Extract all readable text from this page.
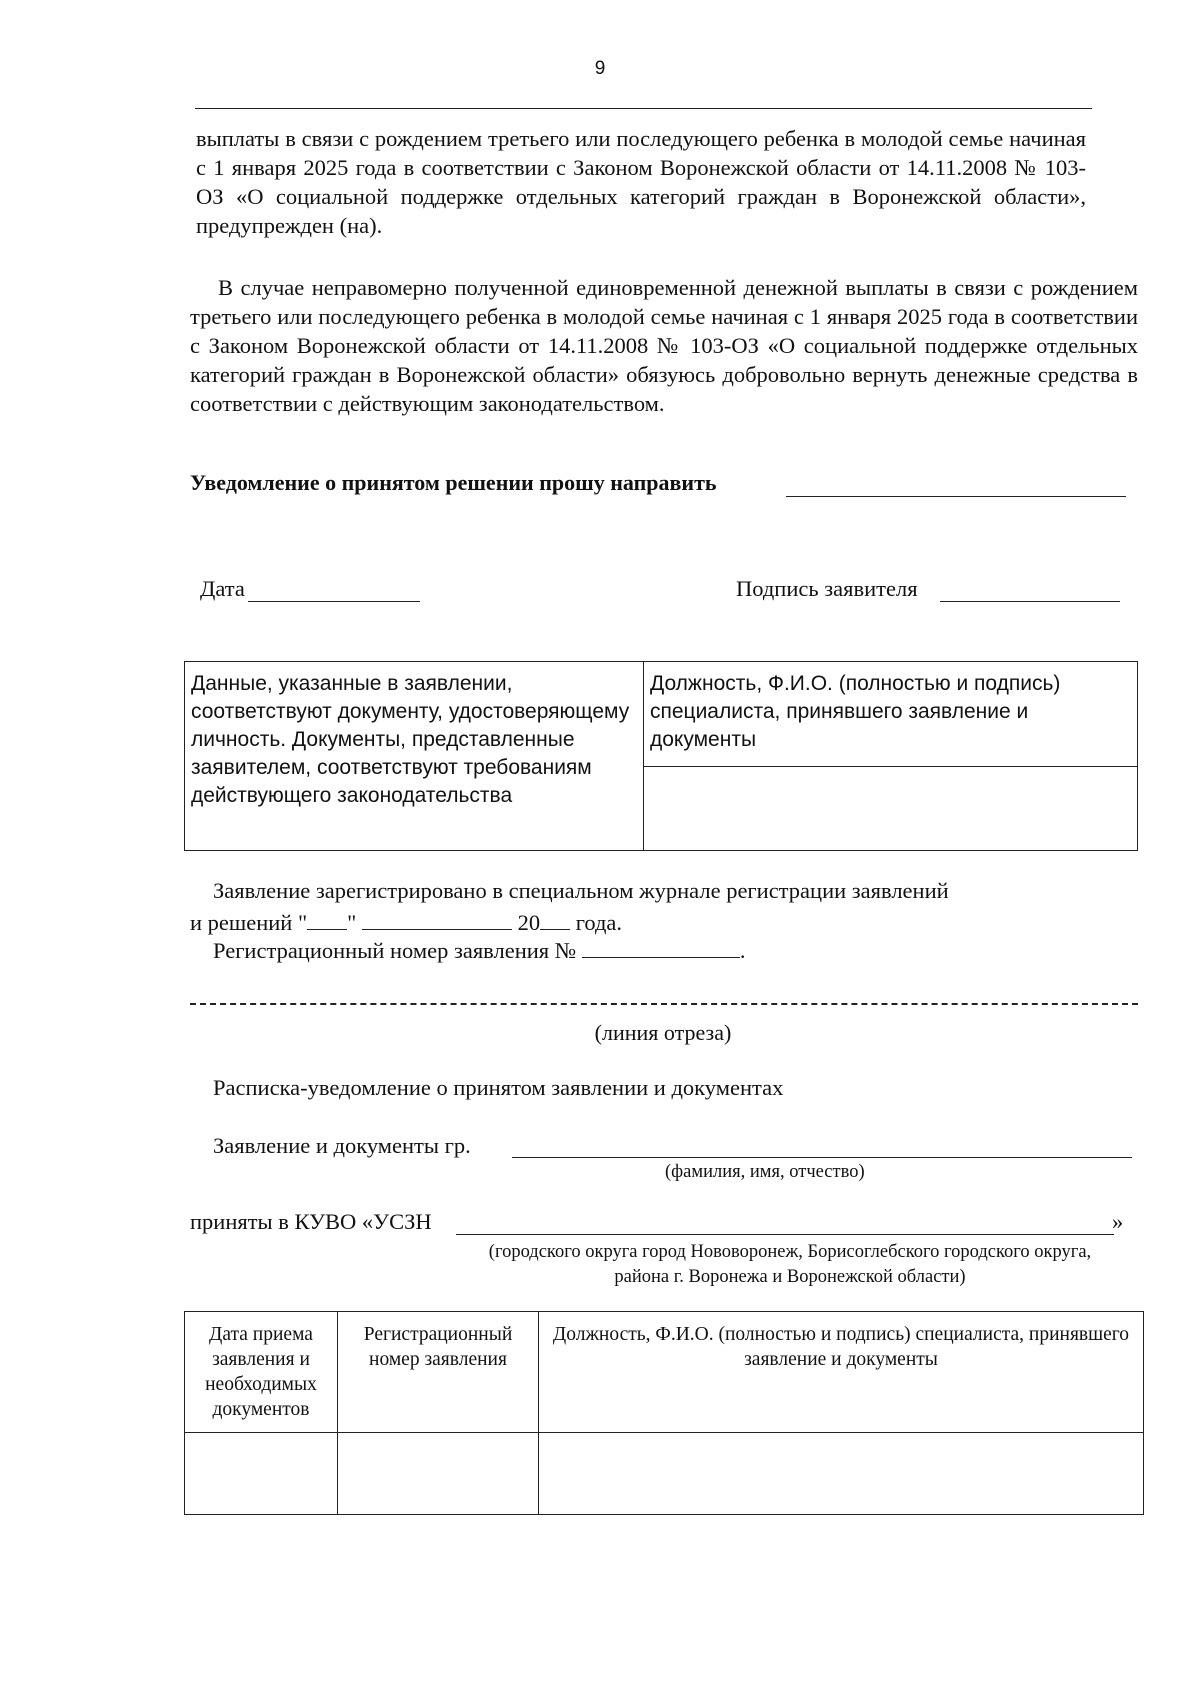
9
выплаты в связи с рождением третьего или последующего ребенка в молодой семье начиная с 1 января 2025 года в соответствии с Законом Воронежской области от 14.11.2008 № 103-ОЗ «О социальной поддержке отдельных категорий граждан в Воронежской области», предупрежден (на).
В случае неправомерно полученной единовременной денежной выплаты в связи с рождением третьего или последующего ребенка в молодой семье начиная с 1 января 2025 года в соответствии с Законом Воронежской области от 14.11.2008 № 103-ОЗ «О социальной поддержке отдельных категорий граждан в Воронежской области» обязуюсь добровольно вернуть денежные средства в соответствии с действующим законодательством.
Уведомление о принятом решении прошу направить
Дата	Подпись заявителя
Данные, указанные в заявлении, соответствуют документу, удостоверяющему личность. Документы, представленные заявителем, соответствуют требованиям действующего законодательства	Должность, Ф.И.О. (полностью и подпись) специалиста, принявшего заявление и документы

Заявление зарегистрировано в специальном журнале регистрации заявлений
и решений " "	20 года.
Регистрационный номер заявления №	.
(линия отреза)
Расписка-уведомление о принятом заявлении и документах
Заявление и документы гр.
(фамилия, имя, отчество)
приняты в КУВО «УСЗН	»
(городского округа город Нововоронеж, Борисоглебского городского округа,
района г. Воронежа и Воронежской области)
Дата приема заявления и необходимых документов	Регистрационный номер заявления	Должность, Ф.И.О. (полностью и подпись) специалиста, принявшего заявление и документы
